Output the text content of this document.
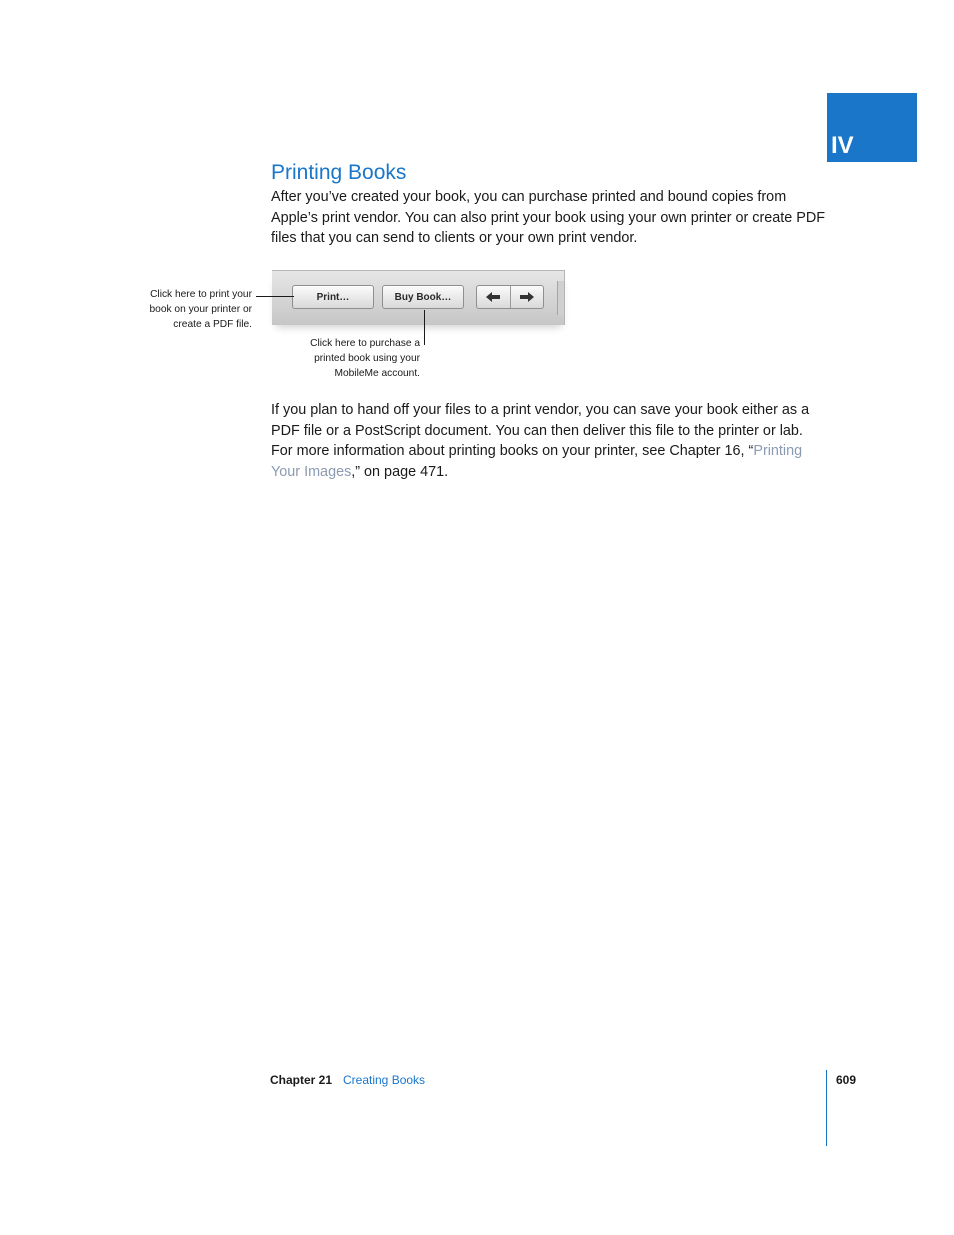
IV
Printing Books

After you’ve created your book, you can purchase printed and bound copies from Apple’s print vendor. You can also print your book using your own printer or create PDF files that you can send to clients or your own print vendor.

Print…	Buy Book…
Click here to print your book on your printer or create a PDF file.
Click here to purchase a printed book using your MobileMe account.

If you plan to hand off your files to a print vendor, you can save your book either as a PDF file or a PostScript document. You can then deliver this file to the printer or lab. For more information about printing books on your printer, see Chapter 16, “Printing Your Images,” on page 471.

Chapter 21 Creating Books	609
